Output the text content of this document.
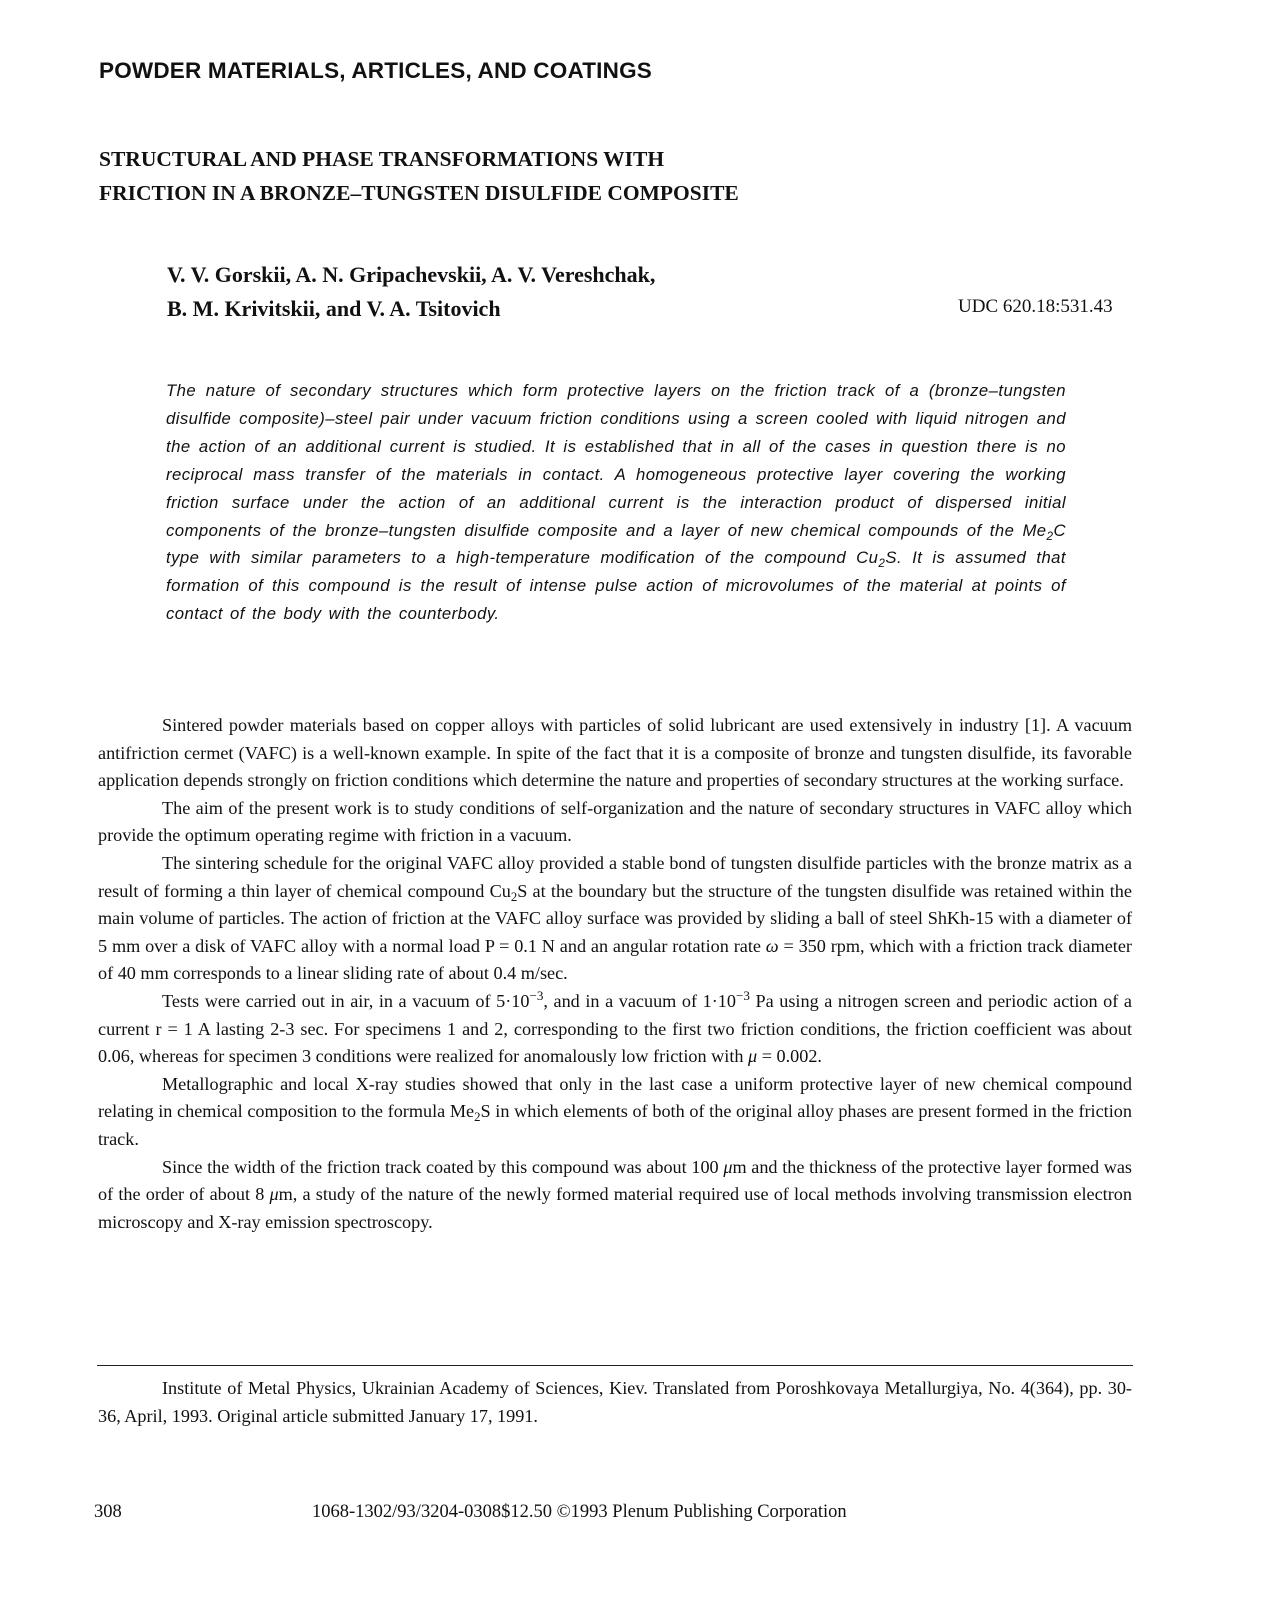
POWDER MATERIALS, ARTICLES, AND COATINGS
STRUCTURAL AND PHASE TRANSFORMATIONS WITH
FRICTION IN A BRONZE–TUNGSTEN DISULFIDE COMPOSITE
V. V. Gorskii, A. N. Gripachevskii, A. V. Vereshchak,
B. M. Krivitskii, and V. A. Tsitovich	UDC 620.18:531.43

The nature of secondary structures which form protective layers on the friction track of a (bronze–tungsten disulfide composite)–steel pair under vacuum friction conditions using a screen cooled with liquid nitrogen and the action of an additional current is studied. It is established that in all of the cases in question there is no reciprocal mass transfer of the materials in contact. A homogeneous protective layer covering the working friction surface under the action of an additional current is the interaction product of dispersed initial components of the bronze–tungsten disulfide composite and a layer of new chemical compounds of the $Me_2C$ type with similar parameters to a high-temperature modification of the compound $Cu_2S$. It is assumed that formation of this compound is the result of intense pulse action of microvolumes of the material at points of contact of the body with the counterbody.

Sintered powder materials based on copper alloys with particles of solid lubricant are used extensively in industry [1]. A vacuum antifriction cermet (VAFC) is a well-known example. In spite of the fact that it is a composite of bronze and tungsten disulfide, its favorable application depends strongly on friction conditions which determine the nature and properties of secondary structures at the working surface.

The aim of the present work is to study conditions of self-organization and the nature of secondary structures in VAFC alloy which provide the optimum operating regime with friction in a vacuum.

The sintering schedule for the original VAFC alloy provided a stable bond of tungsten disulfide particles with the bronze matrix as a result of forming a thin layer of chemical compound $Cu_2S$ at the boundary but the structure of the tungsten disulfide was retained within the main volume of particles. The action of friction at the VAFC alloy surface was provided by sliding a ball of steel ShKh-15 with a diameter of 5 mm over a disk of VAFC alloy with a normal load P = 0.1 N and an angular rotation rate ω = 350 rpm, which with a friction track diameter of 40 mm corresponds to a linear sliding rate of about 0.4 m/sec.

Tests were carried out in air, in a vacuum of $5\cdot 10^{-3}$, and in a vacuum of $1\cdot 10^{-3}$ Pa using a nitrogen screen and periodic action of a current r = 1 A lasting 2-3 sec. For specimens 1 and 2, corresponding to the first two friction conditions, the friction coefficient was about 0.06, whereas for specimen 3 conditions were realized for anomalously low friction with μ = 0.002.

Metallographic and local X-ray studies showed that only in the last case a uniform protective layer of new chemical compound relating in chemical composition to the formula $Me_2S$ in which elements of both of the original alloy phases are present formed in the friction track.

Since the width of the friction track coated by this compound was about 100 μm and the thickness of the protective layer formed was of the order of about 8 μm, a study of the nature of the newly formed material required use of local methods involving transmission electron microscopy and X-ray emission spectroscopy.

Institute of Metal Physics, Ukrainian Academy of Sciences, Kiev. Translated from Poroshkovaya Metallurgiya, No. 4(364), pp. 30-36, April, 1993. Original article submitted January 17, 1991.

308	1068-1302/93/3204-0308$12.50 ©1993 Plenum Publishing Corporation
